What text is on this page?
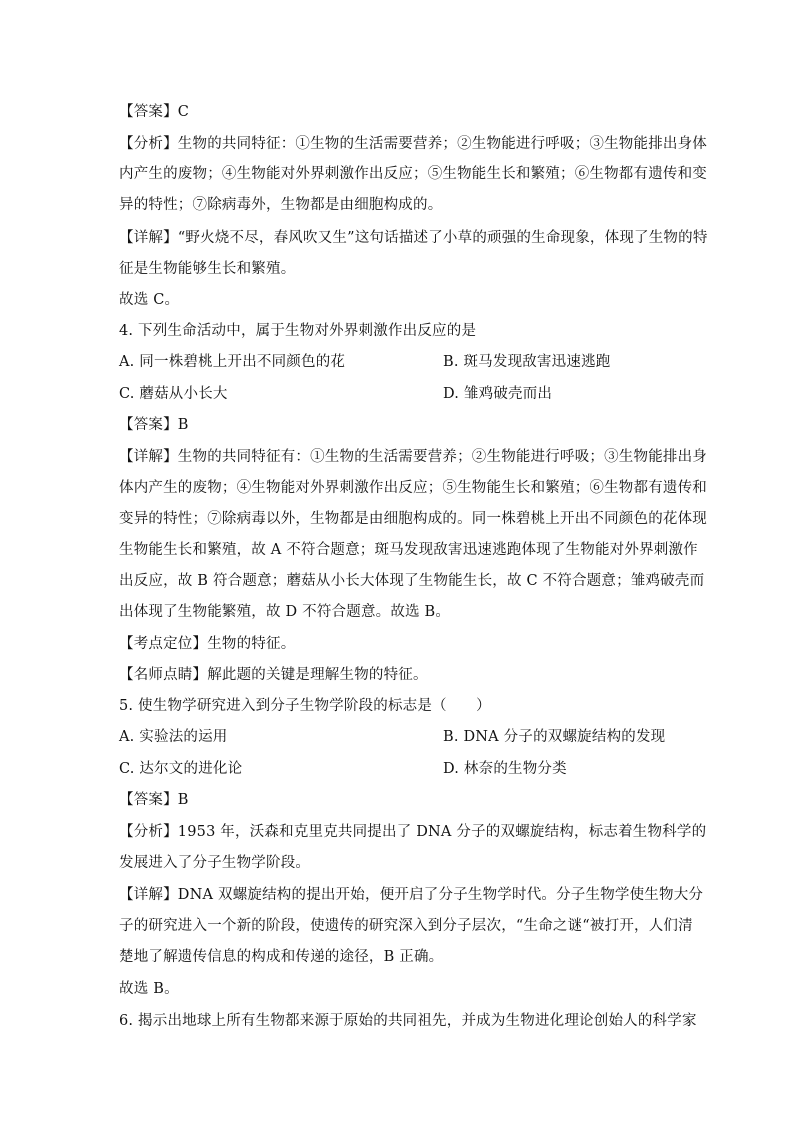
【答案】C
【分析】生物的共同特征：①生物的生活需要营养；②生物能进行呼吸；③生物能排出身体
内产生的废物；④生物能对外界刺激作出反应；⑤生物能生长和繁殖；⑥生物都有遗传和变
异的特性；⑦除病毒外，生物都是由细胞构成的。
【详解】“野火烧不尽，春风吹又生”这句话描述了小草的顽强的生命现象，体现了生物的特
征是生物能够生长和繁殖。
故选 C。
4. 下列生命活动中，属于生物对外界刺激作出反应的是
A. 同一株碧桃上开出不同颜色的花	B. 斑马发现敌害迅速逃跑
C. 蘑菇从小长大	D. 雏鸡破壳而出
【答案】B
【详解】生物的共同特征有：①生物的生活需要营养；②生物能进行呼吸；③生物能排出身
体内产生的废物；④生物能对外界刺激作出反应；⑤生物能生长和繁殖；⑥生物都有遗传和
变异的特性；⑦除病毒以外，生物都是由细胞构成的。同一株碧桃上开出不同颜色的花体现
生物能生长和繁殖，故 A 不符合题意；斑马发现敌害迅速逃跑体现了生物能对外界刺激作
出反应，故 B 符合题意；蘑菇从小长大体现了生物能生长，故 C 不符合题意；雏鸡破壳而
出体现了生物能繁殖，故 D 不符合题意。故选 B。
【考点定位】生物的特征。
【名师点睛】解此题的关键是理解生物的特征。
5. 使生物学研究进入到分子生物学阶段的标志是（　　）
A. 实验法的运用	B. DNA 分子的双螺旋结构的发现
C. 达尔文的进化论	D. 林奈的生物分类
【答案】B
【分析】1953 年，沃森和克里克共同提出了 DNA 分子的双螺旋结构，标志着生物科学的
发展进入了分子生物学阶段。
【详解】DNA 双螺旋结构的提出开始，便开启了分子生物学时代。分子生物学使生物大分
子的研究进入一个新的阶段，使遗传的研究深入到分子层次，“生命之谜“被打开，人们清
楚地了解遗传信息的构成和传递的途径，B 正确。
故选 B。
6. 揭示出地球上所有生物都来源于原始的共同祖先，并成为生物进化理论创始人的科学家
